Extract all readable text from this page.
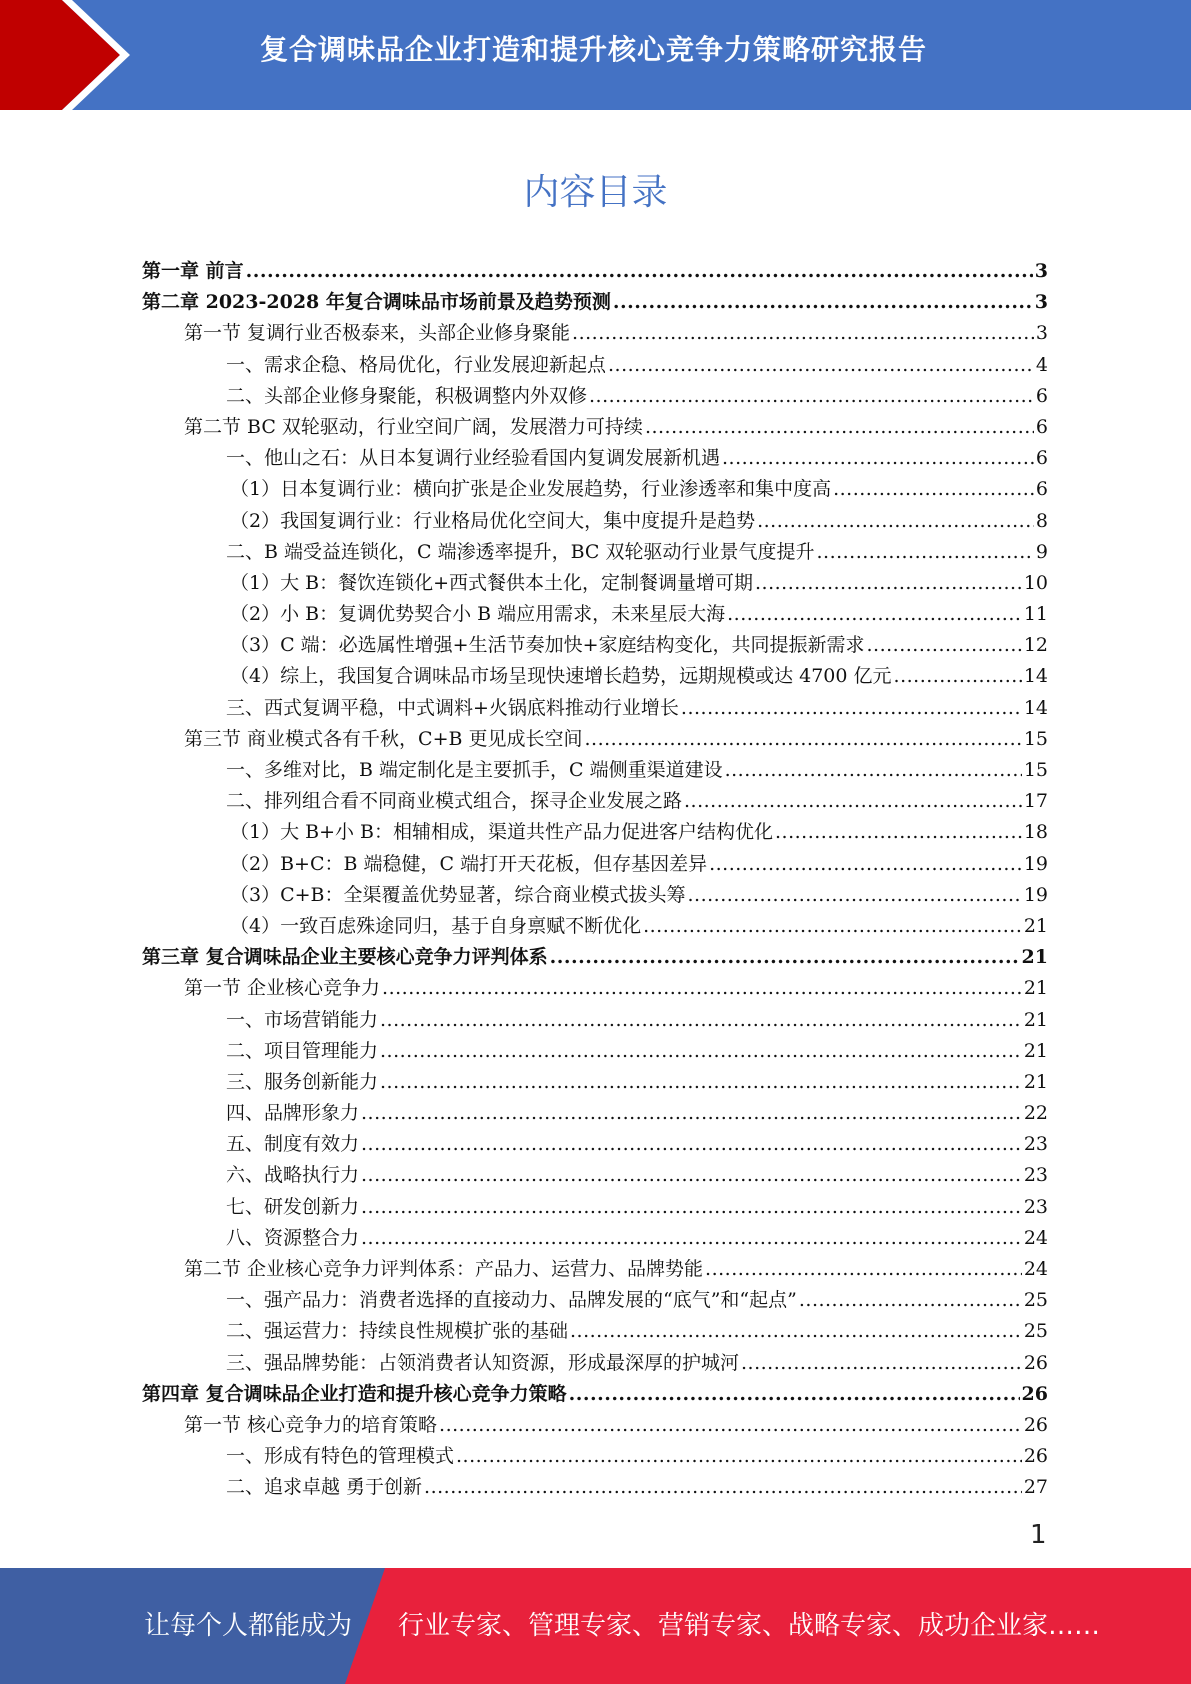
复合调味品企业打造和提升核心竞争力策略研究报告
内容目录
第一章 前言 .....	3
第二章 2023-2028 年复合调味品市场前景及趋势预测 .....	3
第一节 复调行业否极泰来，头部企业修身聚能 .....	3
一、需求企稳、格局优化，行业发展迎新起点 .....	4
二、头部企业修身聚能，积极调整内外双修 .....	6
第二节 BC 双轮驱动，行业空间广阔，发展潜力可持续 .....	6
一、他山之石：从日本复调行业经验看国内复调发展新机遇 .....	6
（1）日本复调行业：横向扩张是企业发展趋势，行业渗透率和集中度高 .....	6
（2）我国复调行业：行业格局优化空间大，集中度提升是趋势 .....	8
二、B 端受益连锁化，C 端渗透率提升，BC 双轮驱动行业景气度提升 .....	9
（1）大 B：餐饮连锁化+西式餐供本土化，定制餐调量增可期 .....	10
（2）小 B：复调优势契合小 B 端应用需求，未来星辰大海 .....	11
（3）C 端：必选属性增强+生活节奏加快+家庭结构变化，共同提振新需求 .....	12
（4）综上，我国复合调味品市场呈现快速增长趋势，远期规模或达 4700 亿元 .....	14
三、西式复调平稳，中式调料+火锅底料推动行业增长 .....	14
第三节 商业模式各有千秋，C+B 更见成长空间 .....	15
一、多维对比，B 端定制化是主要抓手，C 端侧重渠道建设 .....	15
二、排列组合看不同商业模式组合，探寻企业发展之路 .....	17
（1）大 B+小 B：相辅相成，渠道共性产品力促进客户结构优化 .....	18
（2）B+C：B 端稳健，C 端打开天花板，但存基因差异 .....	19
（3）C+B：全渠覆盖优势显著，综合商业模式拔头筹 .....	19
（4）一致百虑殊途同归，基于自身禀赋不断优化 .....	21
第三章 复合调味品企业主要核心竞争力评判体系 .....	21
第一节 企业核心竞争力 .....	21
一、市场营销能力 .....	21
二、项目管理能力 .....	21
三、服务创新能力 .....	21
四、品牌形象力 .....	22
五、制度有效力 .....	23
六、战略执行力 .....	23
七、研发创新力 .....	23
八、资源整合力 .....	24
第二节 企业核心竞争力评判体系：产品力、运营力、品牌势能 .....	24
一、强产品力：消费者选择的直接动力、品牌发展的“底气”和“起点” .....	25
二、强运营力：持续良性规模扩张的基础 .....	25
三、强品牌势能：占领消费者认知资源，形成最深厚的护城河 .....	26
第四章 复合调味品企业打造和提升核心竞争力策略 .....	26
第一节 核心竞争力的培育策略 .....	26
一、形成有特色的管理模式 .....	26
二、追求卓越 勇于创新 .....	27
1
让每个人都能成为 行业专家、管理专家、营销专家、战略专家、成功企业家……
